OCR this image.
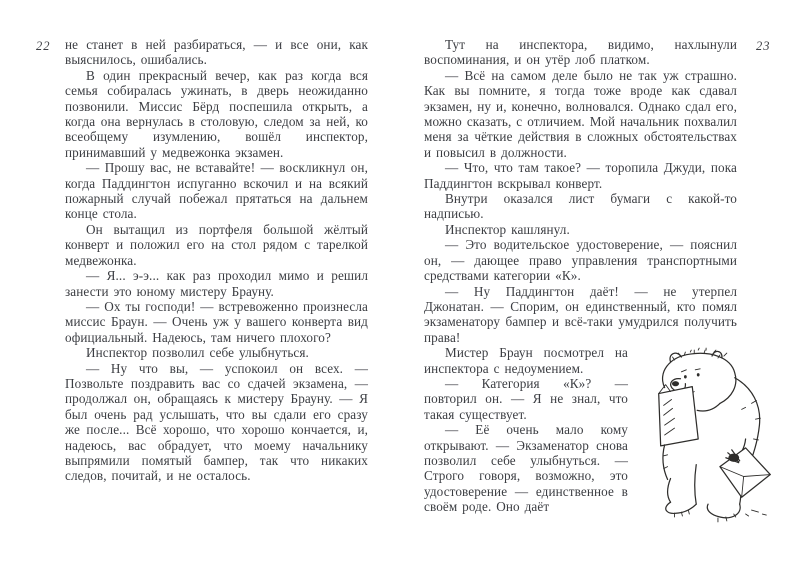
22	23

не станет в ней разбираться, — и все они, как выяснилось, ошибались.

В один прекрасный вечер, как раз когда вся семья собиралась ужинать, в дверь неожиданно позвонили. Миссис Бёрд поспешила открыть, а когда она вернулась в столовую, следом за ней, ко всеобщему изумлению, вошёл инспектор, принимавший у медвежонка экзамен.

— Прошу вас, не вставайте! — воскликнул он, когда Паддингтон испуганно вскочил и на всякий пожарный случай побежал прятаться на дальнем конце стола.

Он вытащил из портфеля большой жёлтый конверт и положил его на стол рядом с тарелкой медвежонка.

— Я... э-э... как раз проходил мимо и решил занести это юному мистеру Брауну.

— Ох ты господи! — встревоженно произнесла миссис Браун. — Очень уж у вашего конверта вид официальный. Надеюсь, там ничего плохого?

Инспектор позволил себе улыбнуться.

— Ну что вы, — успокоил он всех. — Позвольте поздравить вас со сдачей экзамена, — продолжал он, обращаясь к мистеру Брауну. — Я был очень рад услышать, что вы сдали его сразу же после... Всё хорошо, что хорошо кончается, и, надеюсь, вас обрадует, что моему начальнику выпрямили помятый бампер, так что никаких следов, почитай, и не осталось.

Тут на инспектора, видимо, нахлынули воспоминания, и он утёр лоб платком.

— Всё на самом деле было не так уж страшно. Как вы помните, я тогда тоже вроде как сдавал экзамен, ну и, конечно, волновался. Однако сдал его, можно сказать, с отличием. Мой начальник похвалил меня за чёткие действия в сложных обстоятельствах и повысил в должности.

— Что, что там такое? — торопила Джуди, пока Паддингтон вскрывал конверт.

Внутри оказался лист бумаги с какой-то надписью.

Инспектор кашлянул.

— Это водительское удостоверение, — пояснил он, — дающее право управления транспортными средствами категории «К».

— Ну Паддингтон даёт! — не утерпел Джонатан. — Спорим, он единственный, кто помял экзаменатору бампер и всё-таки умудрился получить права!

Мистер Браун посмотрел на инспектора с недоумением.

— Категория «К»? — повторил он. — Я не знал, что такая существует.

— Её очень мало кому открывают. — Экзаменатор снова позволил себе улыбнуться. — Строго говоря, возможно, это удостоверение — единственное в своём роде. Оно даёт
